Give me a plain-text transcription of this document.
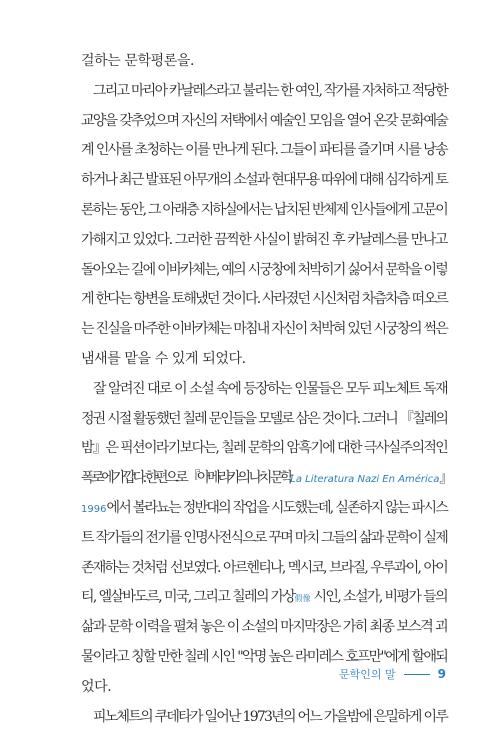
걸하는 문학평론을.
그리고 마리아 카날레스라고 불리는 한 여인, 작가를 자처하고 적당한
교양을 갖추었으며 자신의 저택에서 예술인 모임을 열어 온갖 문화예술
계 인사를 초청하는 이를 만나게 된다. 그들이 파티를 즐기며 시를 낭송
하거나 최근 발표된 아무개의 소설과 현대무용 따위에 대해 심각하게 토
론하는 동안, 그 아래층 지하실에서는 납치된 반체제 인사들에게 고문이
가해지고 있었다. 그러한 끔찍한 사실이 밝혀진 후 카날레스를 만나고
돌아오는 길에 이바카체는, 예의 시궁창에 처박히기 싫어서 문학을 이렇
게 한다는 항변을 토해냈던 것이다. 사라졌던 시신처럼 차츰차츰 떠오르
는 진실을 마주한 이바카체는 마침내 자신이 처박혀 있던 시궁창의 썩은
냄새를 맡을 수 있게 되었다.
잘 알려진 대로 이 소설 속에 등장하는 인물들은 모두 피노체트 독재
정권 시절 활동했던 칠레 문인들을 모델로 삼은 것이다. 그러니 『칠레의
밤』은 픽션이라기보다는, 칠레 문학의 암흑기에 대한 극사실주의적인
폭로에 가깝다. 한편으로 『아메리카의 나치 문학La Literatura Nazi En América』
1996에서 볼라뇨는 정반대의 작업을 시도했는데, 실존하지 않는 파시스
트 작가들의 전기를 인명사전식으로 꾸며 마치 그들의 삶과 문학이 실제
존재하는 것처럼 선보였다. 아르헨티나, 멕시코, 브라질, 우루과이, 아이
티, 엘살바도르, 미국, 그리고 칠레의 가상假像 시인, 소설가, 비평가 들의
삶과 문학 이력을 펼쳐 놓은 이 소설의 마지막장은 가히 최종 보스격 괴
물이라고 칭할 만한 칠레 시인 "악명 높은 라미레스 호프만"에게 할애되
었다.
피노체트의 쿠데타가 일어난 1973년의 어느 가을밤에 은밀하게 이루
문학인의 말	9
